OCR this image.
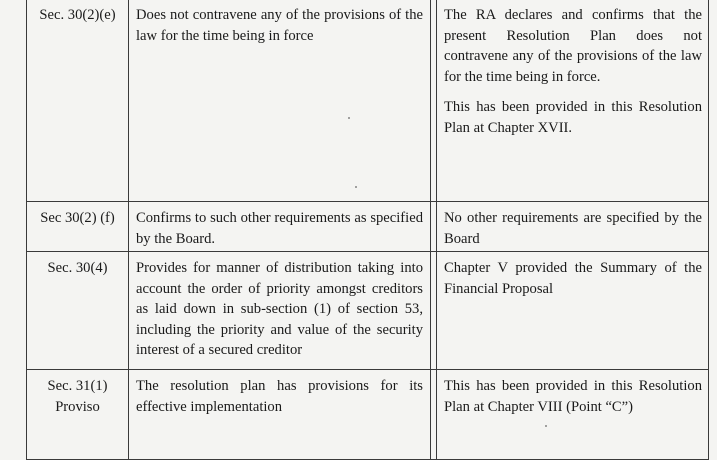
Sec. 30(2)(e)	Does not contravene any of the provisions of the law for the time being in force		The RA declares and confirms that the present Resolution Plan does not contravene any of the provisions of the law for the time being in force.

This has been provided in this Resolution Plan at Chapter XVII.

Sec 30(2) (f)	Confirms to such other requirements as specified by the Board.		No other requirements are specified by the Board

Sec. 30(4)	Provides for manner of distribution taking into account the order of priority amongst creditors as laid down in sub-section (1) of section 53, including the priority and value of the security interest of a secured creditor		Chapter V provided the Summary of the Financial Proposal

Sec. 31(1)
Proviso	The resolution plan has provisions for its effective implementation		This has been provided in this Resolution Plan at Chapter VIII (Point “C”)
